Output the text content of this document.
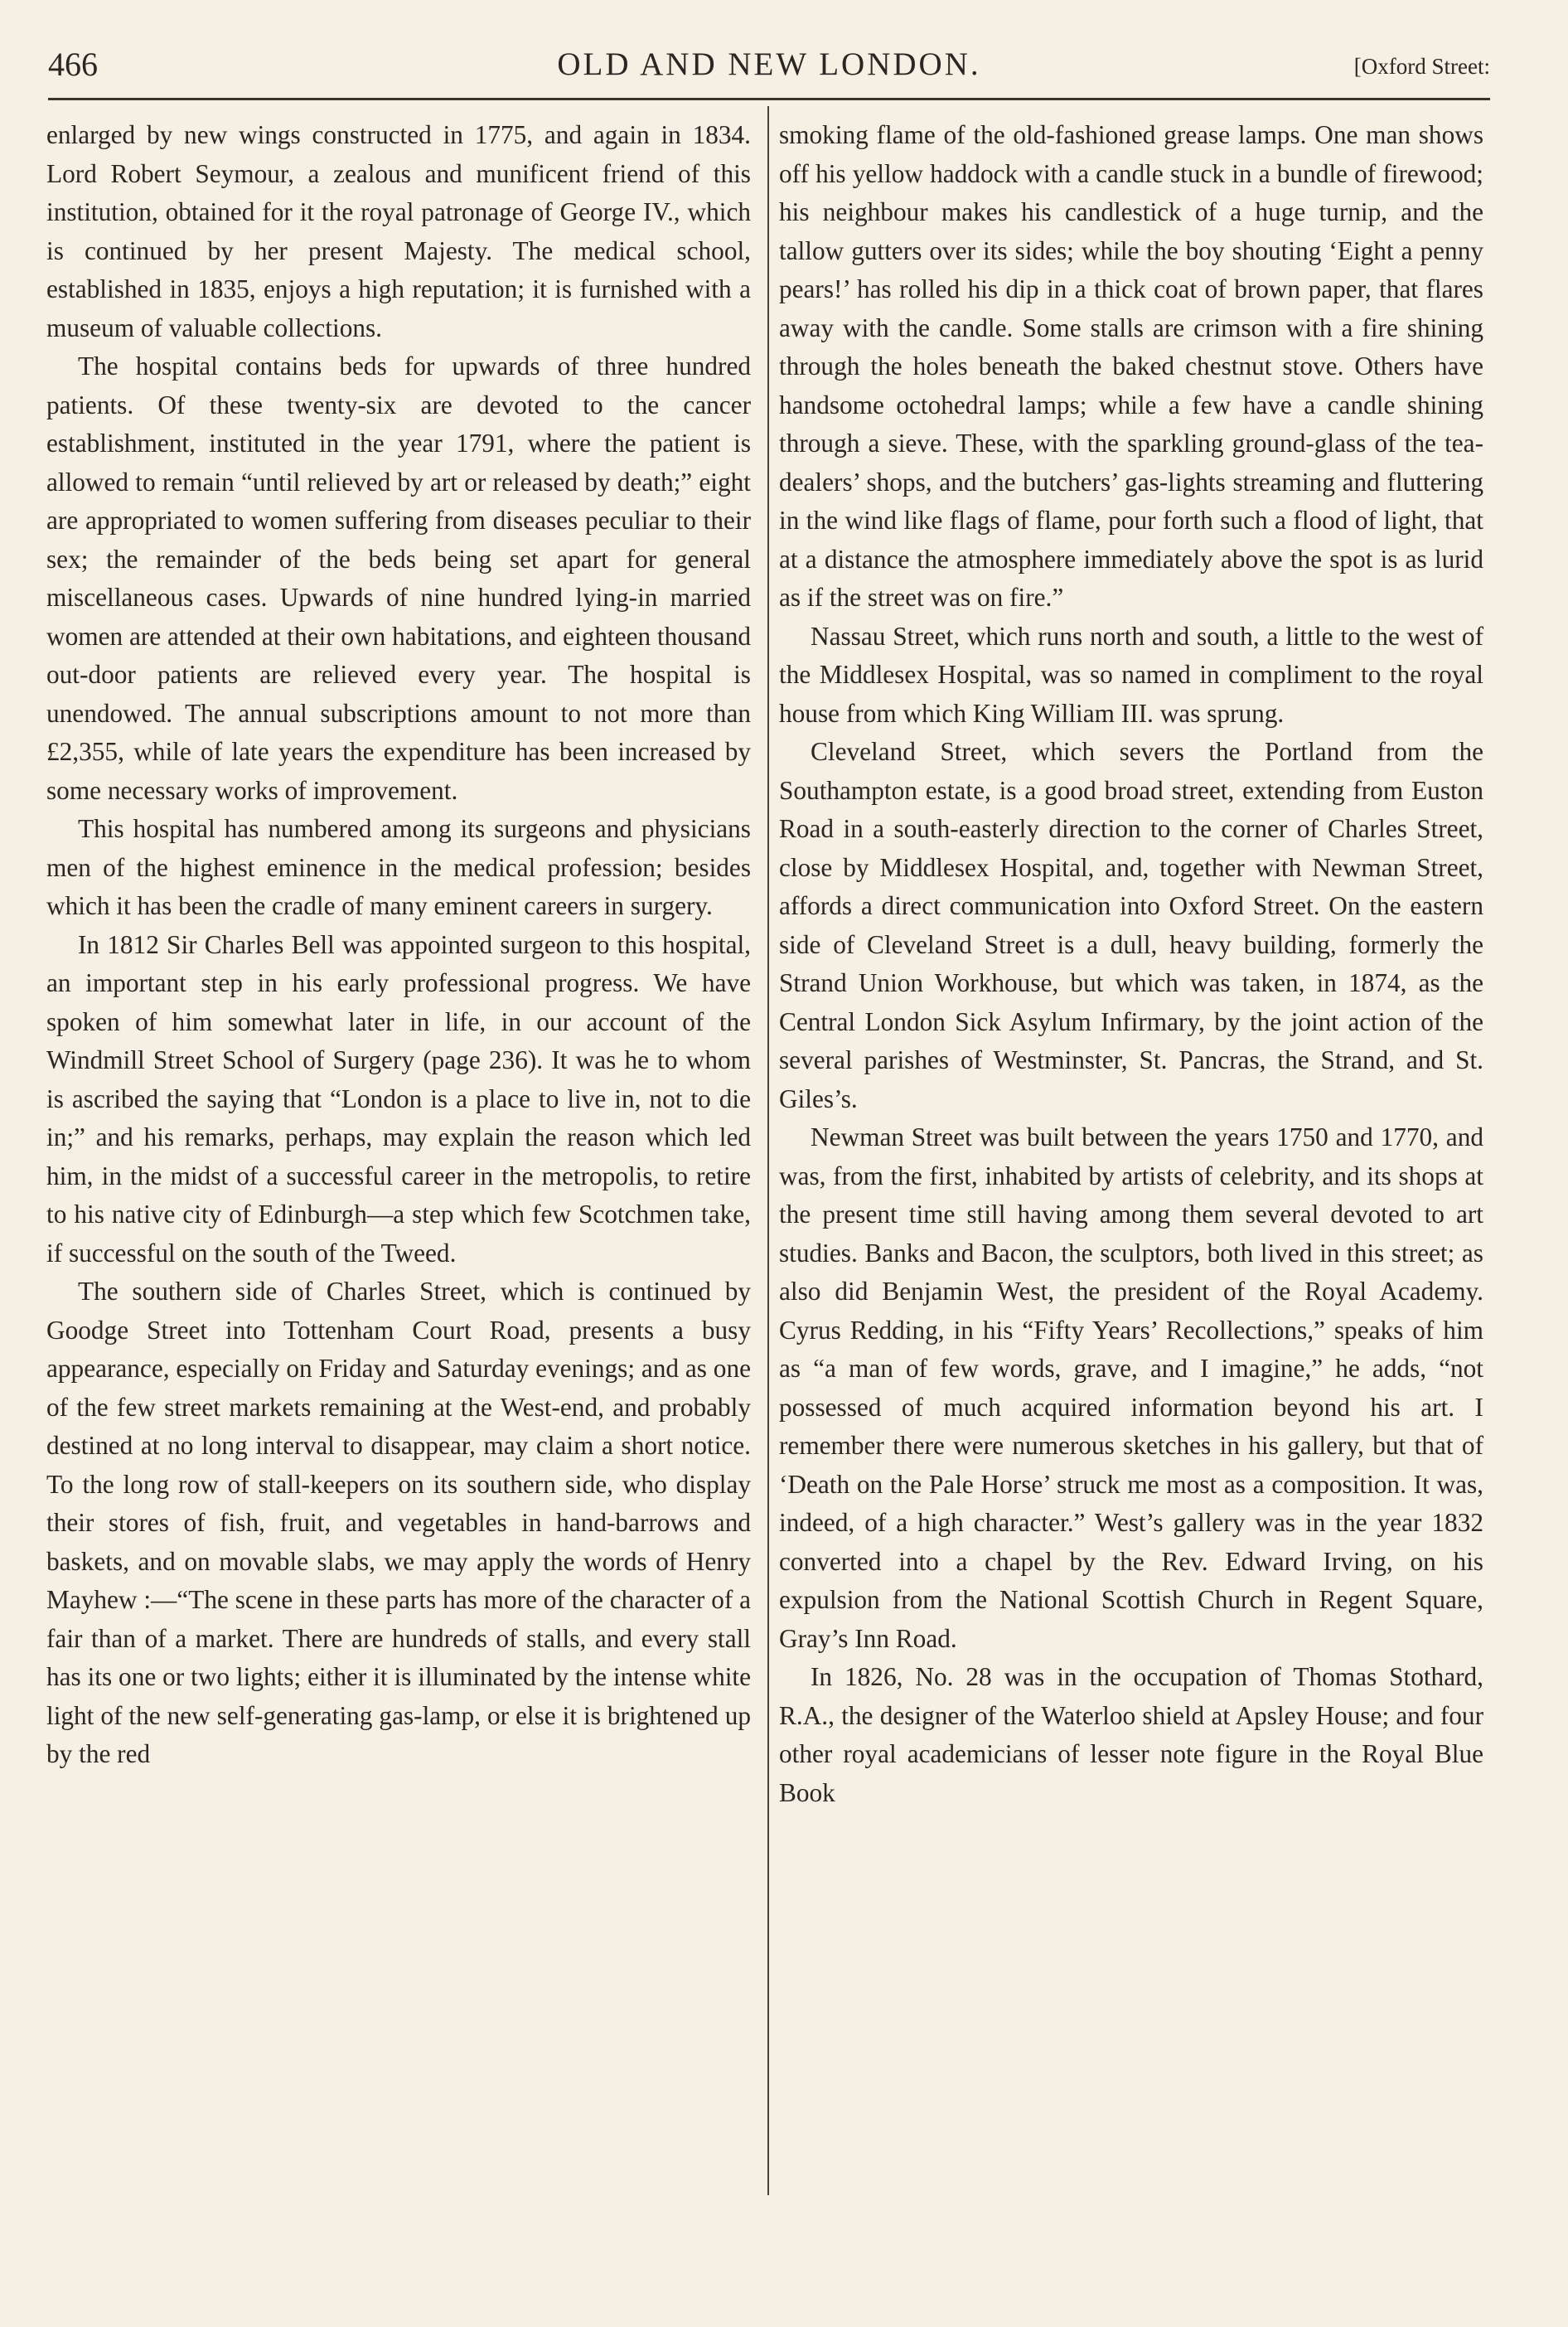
466	OLD AND NEW LONDON.	[Oxford Street:

enlarged by new wings constructed in 1775, and again in 1834. Lord Robert Seymour, a zealous and munificent friend of this institution, obtained for it the royal patronage of George IV., which is continued by her present Majesty. The medical school, established in 1835, enjoys a high reputation; it is furnished with a museum of valuable collections.

The hospital contains beds for upwards of three hundred patients. Of these twenty-six are devoted to the cancer establishment, instituted in the year 1791, where the patient is allowed to remain “until relieved by art or released by death;” eight are appropriated to women suffering from diseases peculiar to their sex; the remainder of the beds being set apart for general miscellaneous cases. Upwards of nine hundred lying-in married women are attended at their own habitations, and eighteen thousand out-door patients are relieved every year. The hospital is unendowed. The annual subscriptions amount to not more than £2,355, while of late years the expenditure has been increased by some necessary works of improvement.

This hospital has numbered among its surgeons and physicians men of the highest eminence in the medical profession; besides which it has been the cradle of many eminent careers in surgery.

In 1812 Sir Charles Bell was appointed surgeon to this hospital, an important step in his early professional progress. We have spoken of him somewhat later in life, in our account of the Windmill Street School of Surgery (page 236). It was he to whom is ascribed the saying that “London is a place to live in, not to die in;” and his remarks, perhaps, may explain the reason which led him, in the midst of a successful career in the metropolis, to retire to his native city of Edinburgh—a step which few Scotchmen take, if successful on the south of the Tweed.

The southern side of Charles Street, which is continued by Goodge Street into Tottenham Court Road, presents a busy appearance, especially on Friday and Saturday evenings; and as one of the few street markets remaining at the West-end, and probably destined at no long interval to disappear, may claim a short notice. To the long row of stall-keepers on its southern side, who display their stores of fish, fruit, and vegetables in hand-barrows and baskets, and on movable slabs, we may apply the words of Henry Mayhew :—“The scene in these parts has more of the character of a fair than of a market. There are hundreds of stalls, and every stall has its one or two lights; either it is illuminated by the intense white light of the new self-generating gas-lamp, or else it is brightened up by the red

smoking flame of the old-fashioned grease lamps. One man shows off his yellow haddock with a candle stuck in a bundle of firewood; his neighbour makes his candlestick of a huge turnip, and the tallow gutters over its sides; while the boy shouting ‘Eight a penny pears!’ has rolled his dip in a thick coat of brown paper, that flares away with the candle. Some stalls are crimson with a fire shining through the holes beneath the baked chestnut stove. Others have handsome octohedral lamps; while a few have a candle shining through a sieve. These, with the sparkling ground-glass of the tea-dealers’ shops, and the butchers’ gas-lights streaming and fluttering in the wind like flags of flame, pour forth such a flood of light, that at a distance the atmosphere immediately above the spot is as lurid as if the street was on fire.”

Nassau Street, which runs north and south, a little to the west of the Middlesex Hospital, was so named in compliment to the royal house from which King William III. was sprung.

Cleveland Street, which severs the Portland from the Southampton estate, is a good broad street, extending from Euston Road in a south-easterly direction to the corner of Charles Street, close by Middlesex Hospital, and, together with Newman Street, affords a direct communication into Oxford Street. On the eastern side of Cleveland Street is a dull, heavy building, formerly the Strand Union Workhouse, but which was taken, in 1874, as the Central London Sick Asylum Infirmary, by the joint action of the several parishes of Westminster, St. Pancras, the Strand, and St. Giles’s.

Newman Street was built between the years 1750 and 1770, and was, from the first, inhabited by artists of celebrity, and its shops at the present time still having among them several devoted to art studies. Banks and Bacon, the sculptors, both lived in this street; as also did Benjamin West, the president of the Royal Academy. Cyrus Redding, in his “Fifty Years’ Recollections,” speaks of him as “a man of few words, grave, and I imagine,” he adds, “not possessed of much acquired information beyond his art. I remember there were numerous sketches in his gallery, but that of ‘Death on the Pale Horse’ struck me most as a composition. It was, indeed, of a high character.” West’s gallery was in the year 1832 converted into a chapel by the Rev. Edward Irving, on his expulsion from the National Scottish Church in Regent Square, Gray’s Inn Road.

In 1826, No. 28 was in the occupation of Thomas Stothard, R.A., the designer of the Waterloo shield at Apsley House; and four other royal academicians of lesser note figure in the Royal Blue Book
